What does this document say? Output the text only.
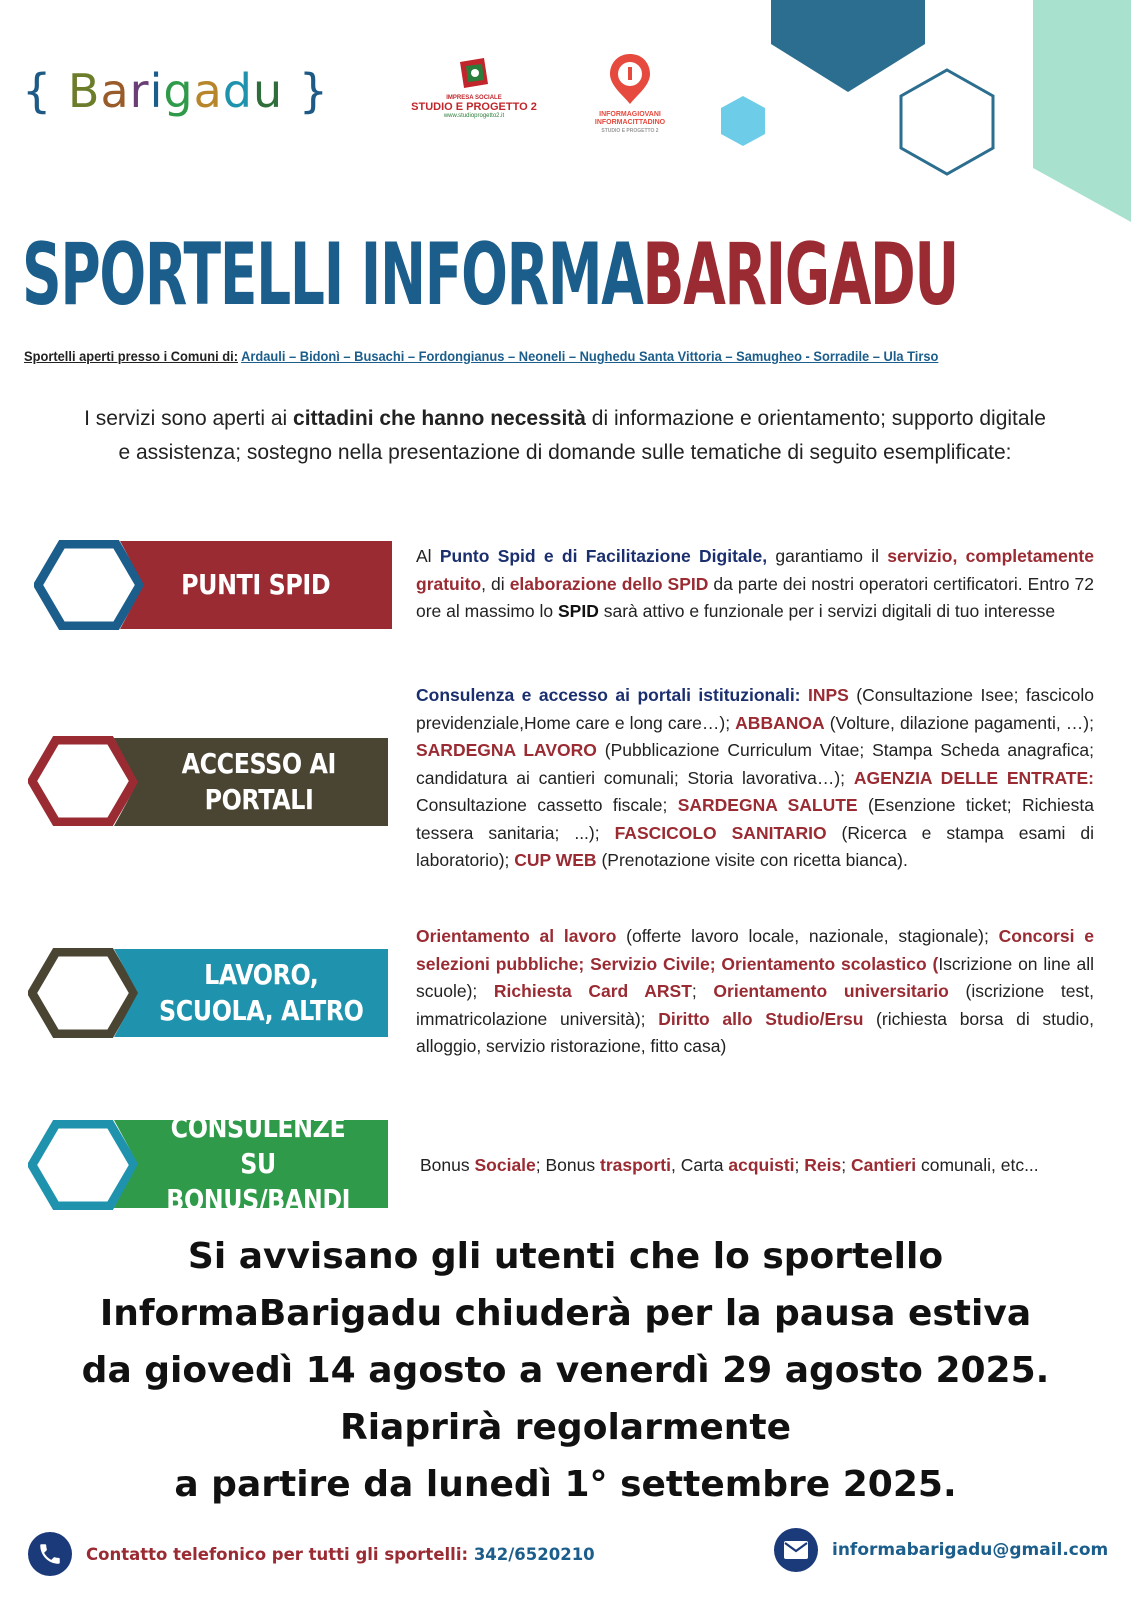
{ Barigadu }	IMPRESA SOCIALE
STUDIO E PROGETTO 2
www.studioprogetto2.it	INFORMAGIOVANI
INFORMACITTADINO
STUDIO E PROGETTO 2
SPORTELLI INFORMABARIGADU
Sportelli aperti presso i Comuni di: Ardauli – Bidonì – Busachi – Fordongianus – Neoneli – Nughedu Santa Vittoria – Samugheo - Sorradile – Ula Tirso
I servizi sono aperti ai cittadini che hanno necessità di informazione e orientamento; supporto digitale
e assistenza; sostegno nella presentazione di domande sulle tematiche di seguito esemplificate:
PUNTI SPID
Al Punto Spid e di Facilitazione Digitale, garantiamo il servizio, completamente gratuito, di elaborazione dello SPID da parte dei nostri operatori certificatori. Entro 72 ore al massimo lo SPID sarà attivo e funzionale per i servizi digitali di tuo interesse
ACCESSO AI
PORTALI
Consulenza e accesso ai portali istituzionali: INPS (Consultazione Isee; fascicolo previdenziale,Home care e long care…); ABBANOA (Volture, dilazione pagamenti, …); SARDEGNA LAVORO (Pubblicazione Curriculum Vitae; Stampa Scheda anagrafica; candidatura ai cantieri comunali; Storia lavorativa…); AGENZIA DELLE ENTRATE: Consultazione cassetto fiscale; SARDEGNA SALUTE (Esenzione ticket; Richiesta tessera sanitaria; ...); FASCICOLO SANITARIO (Ricerca e stampa esami di laboratorio); CUP WEB (Prenotazione visite con ricetta bianca).
LAVORO,
SCUOLA, ALTRO
Orientamento al lavoro (offerte lavoro locale, nazionale, stagionale); Concorsi e selezioni pubbliche; Servizio Civile; Orientamento scolastico (Iscrizione on line all scuole); Richiesta Card ARST; Orientamento universitario (iscrizione test, immatricolazione università); Diritto allo Studio/Ersu (richiesta borsa di studio, alloggio, servizio ristorazione, fitto casa)
CONSULENZE SU
BONUS/BANDI
Bonus Sociale; Bonus trasporti, Carta acquisti; Reis; Cantieri comunali, etc...
Si avvisano gli utenti che lo sportello
InformaBarigadu chiuderà per la pausa estiva
da giovedì 14 agosto a venerdì 29 agosto 2025.
Riaprirà regolarmente
a partire da lunedì 1° settembre 2025.
Contatto telefonico per tutti gli sportelli: 342/6520210	informabarigadu@gmail.com
